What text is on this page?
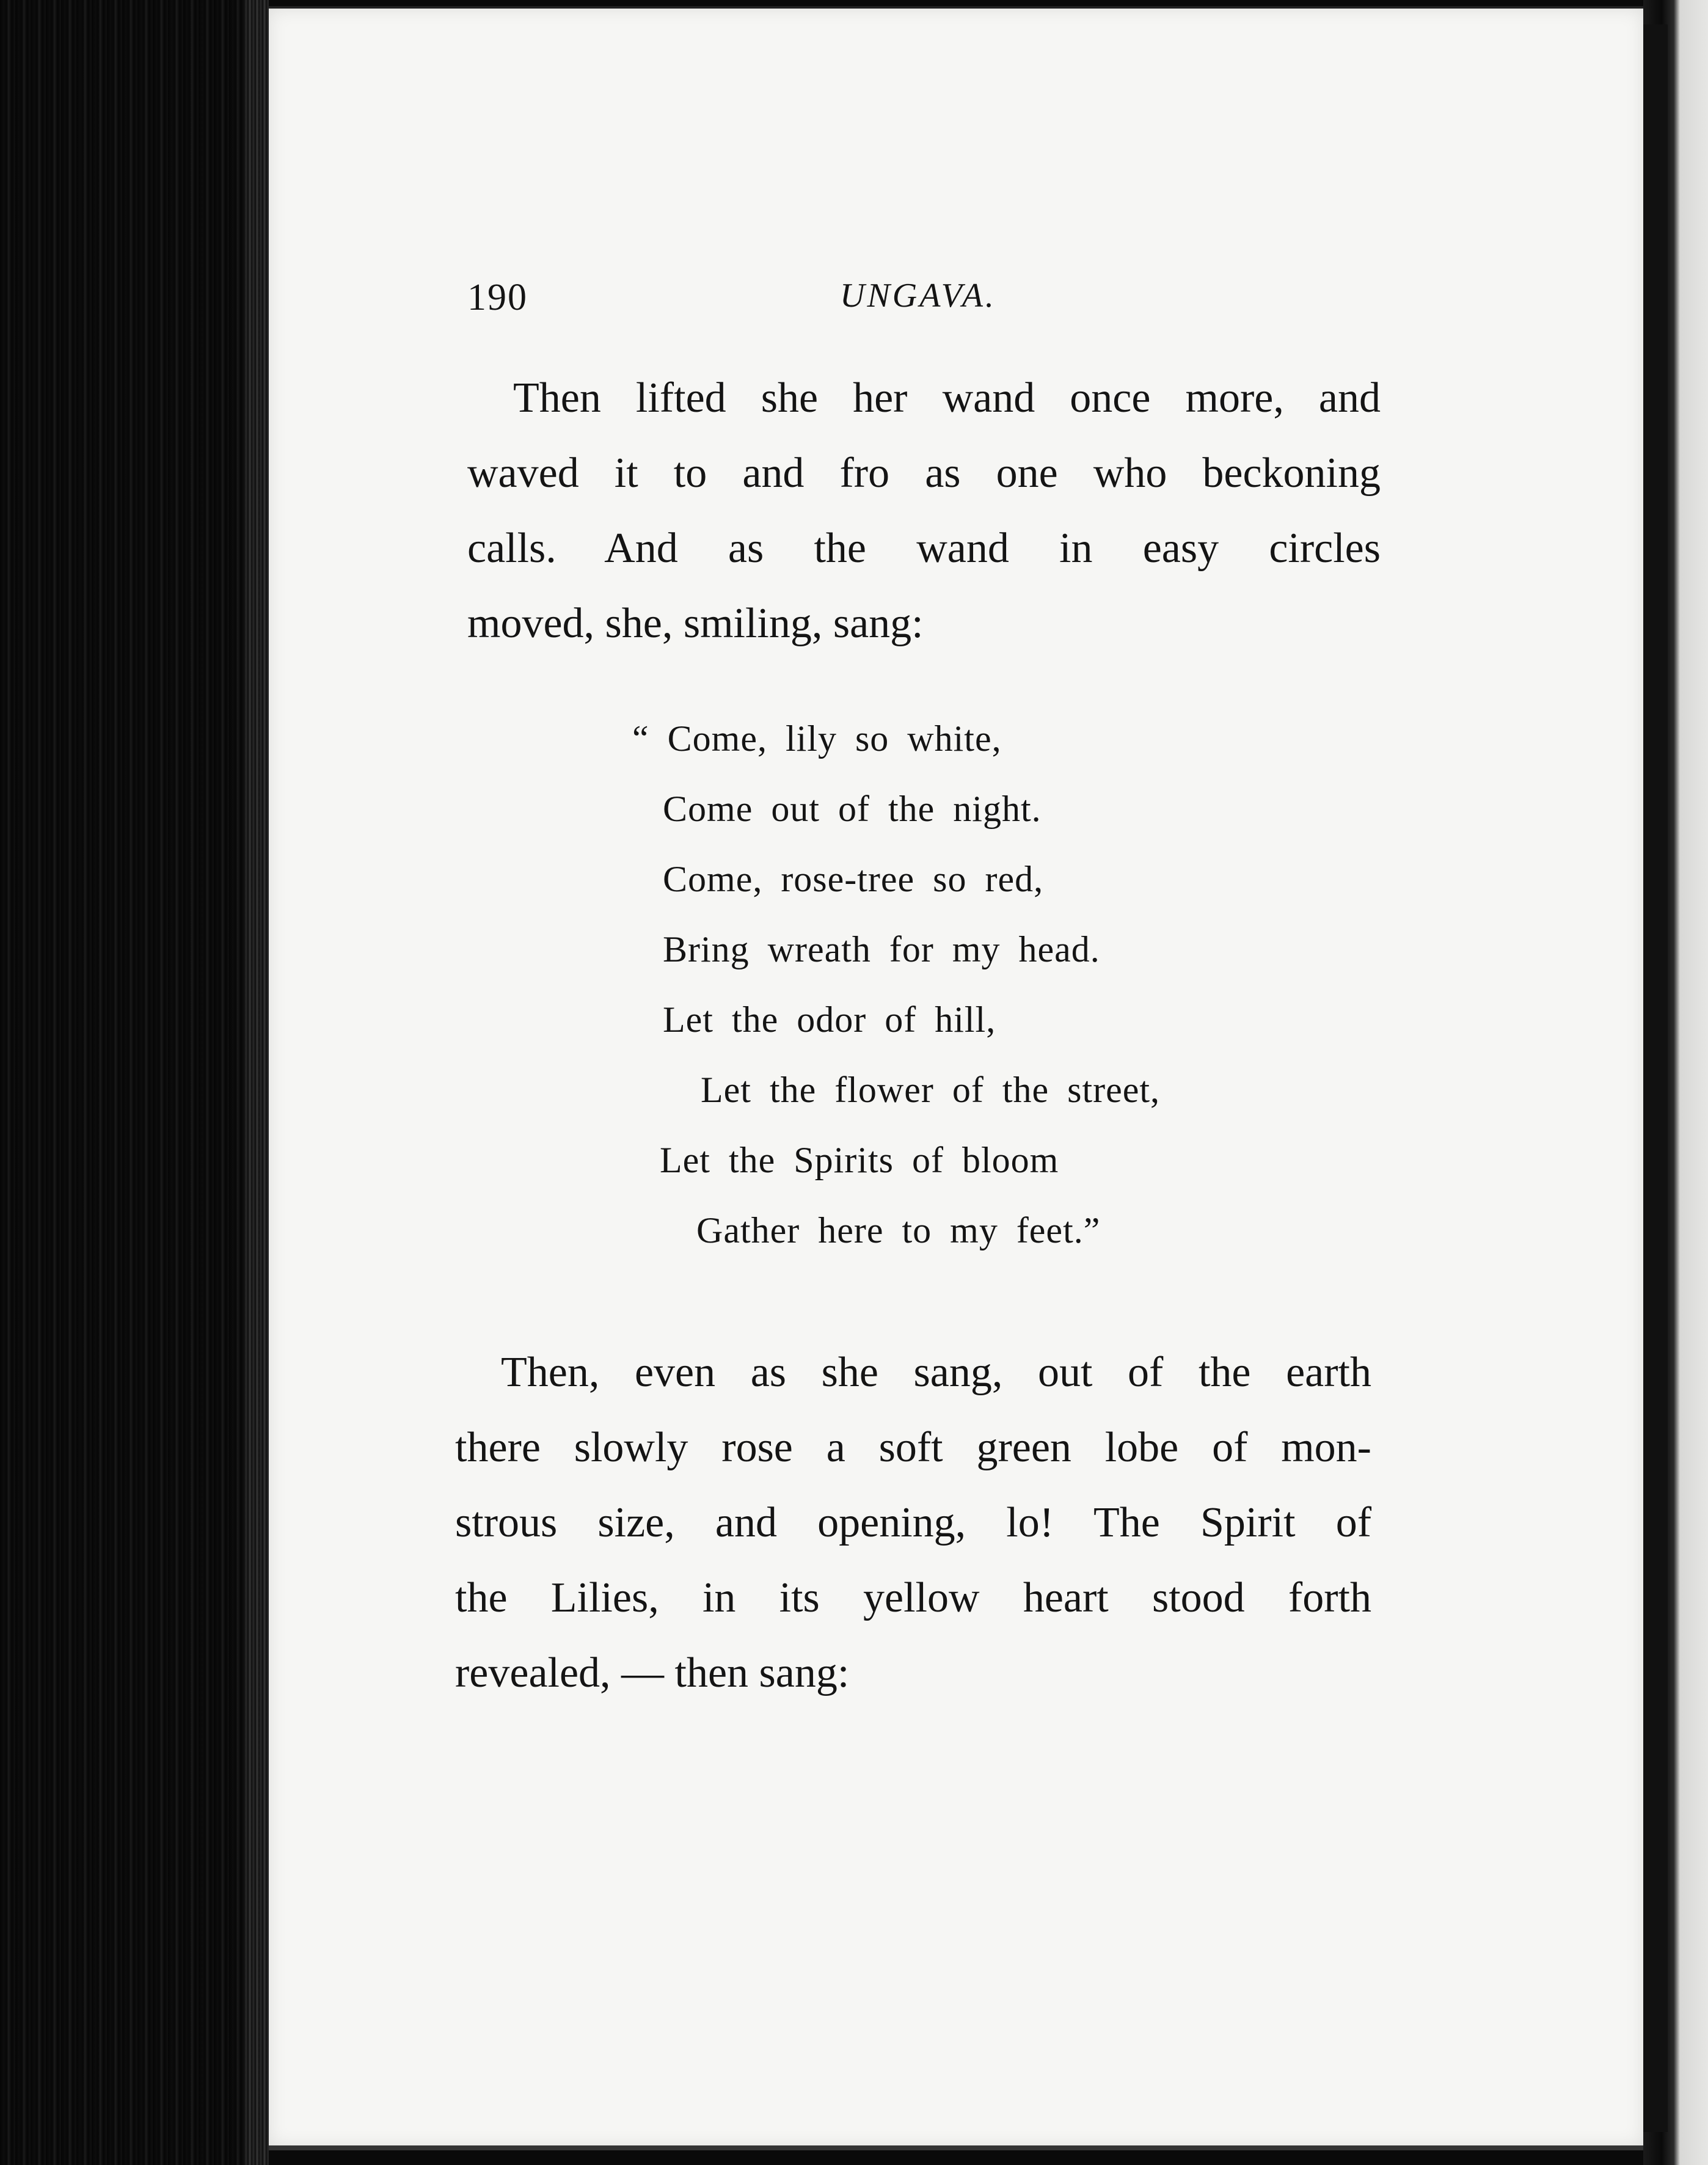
190	UNGAVA.
Then lifted she her wand once more, and
waved it to and fro as one who beckoning
calls. And as the wand in easy circles
moved, she, smiling, sang:
“ Come, lily so white,
Come out of the night.
Come, rose-tree so red,
Bring wreath for my head.
Let the odor of hill,
Let the flower of the street,
Let the Spirits of bloom
Gather here to my feet.”
Then, even as she sang, out of the earth
there slowly rose a soft green lobe of mon-
strous size, and opening, lo! The Spirit of
the Lilies, in its yellow heart stood forth
revealed, — then sang:
